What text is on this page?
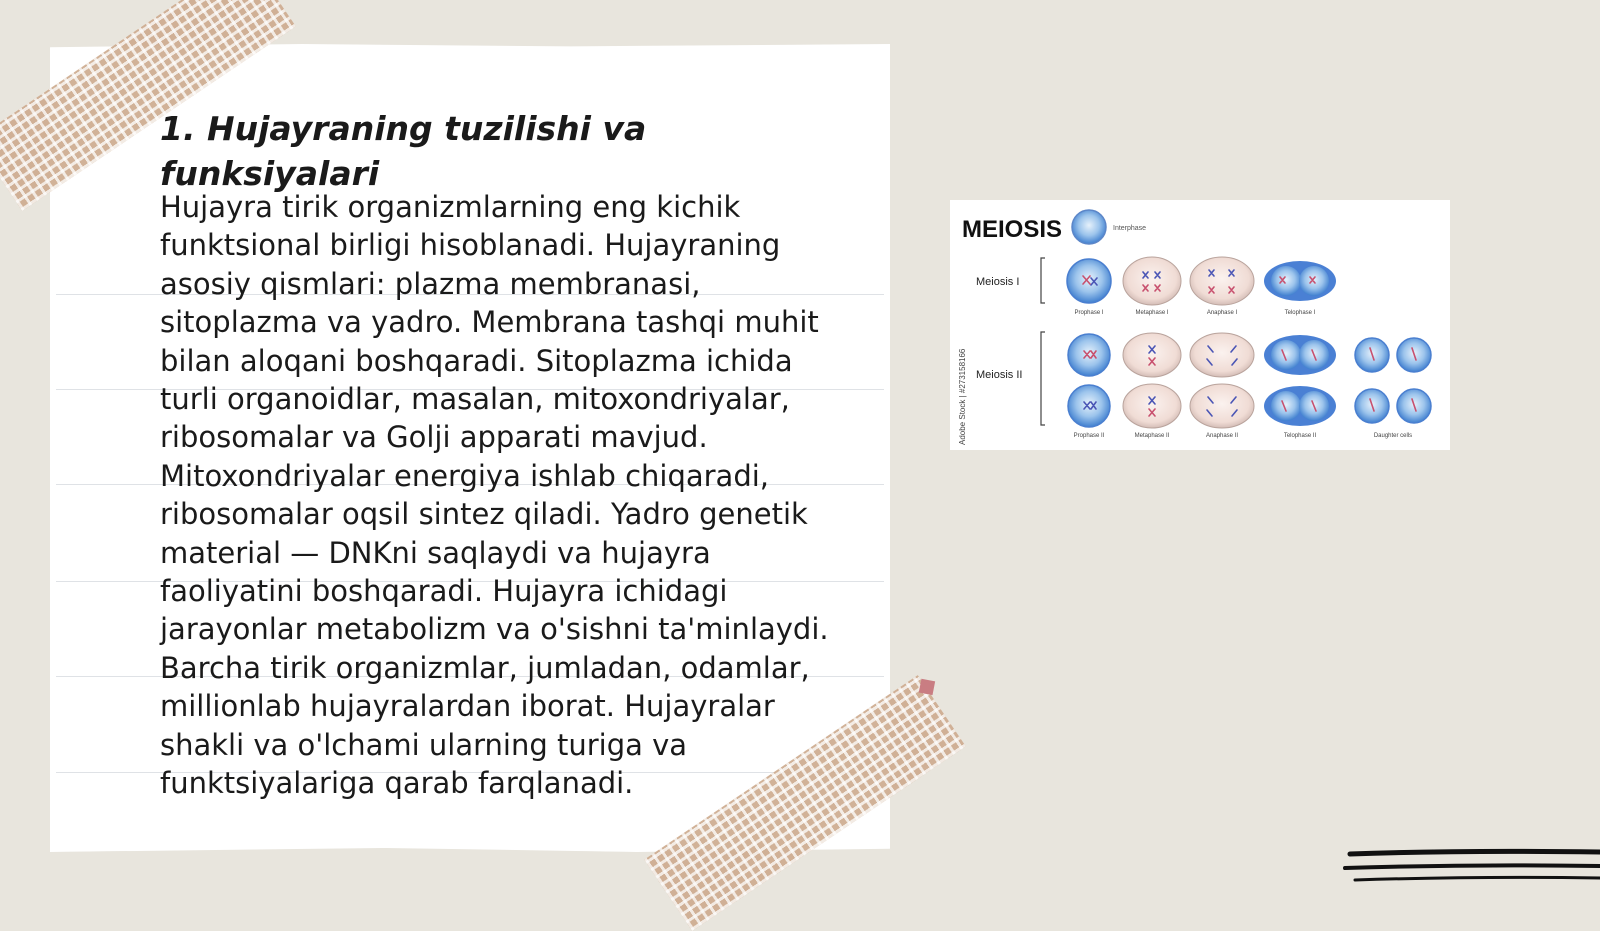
1. Hujayraning tuzilishi va funksiyalari

Hujayra tirik organizmlarning eng kichik funktsional birligi hisoblanadi. Hujayraning asosiy qismlari: plazma membranasi, sitoplazma va yadro. Membrana tashqi muhit bilan aloqani boshqaradi. Sitoplazma ichida turli organoidlar, masalan, mitoxondriyalar, ribosomalar va Golji apparati mavjud. Mitoxondriyalar energiya ishlab chiqaradi, ribosomalar oqsil sintez qiladi. Yadro genetik material — DNKni saqlaydi va hujayra faoliyatini boshqaradi. Hujayra ichidagi jarayonlar metabolizm va o'sishni ta'minlaydi. Barcha tirik organizmlar, jumladan, odamlar, millionlab hujayralardan iborat. Hujayralar shakli va o'lchami ularning turiga va funktsiyalariga qarab farqlanadi.

MEIOSIS	Interphase
Meiosis I
Meiosis II
Adobe Stock | #273158166
Prophase I	Metaphase I	Anaphase I	Telophase I
Prophase II	Metaphase II	Anaphase II	Telophase II	Daughter cells
